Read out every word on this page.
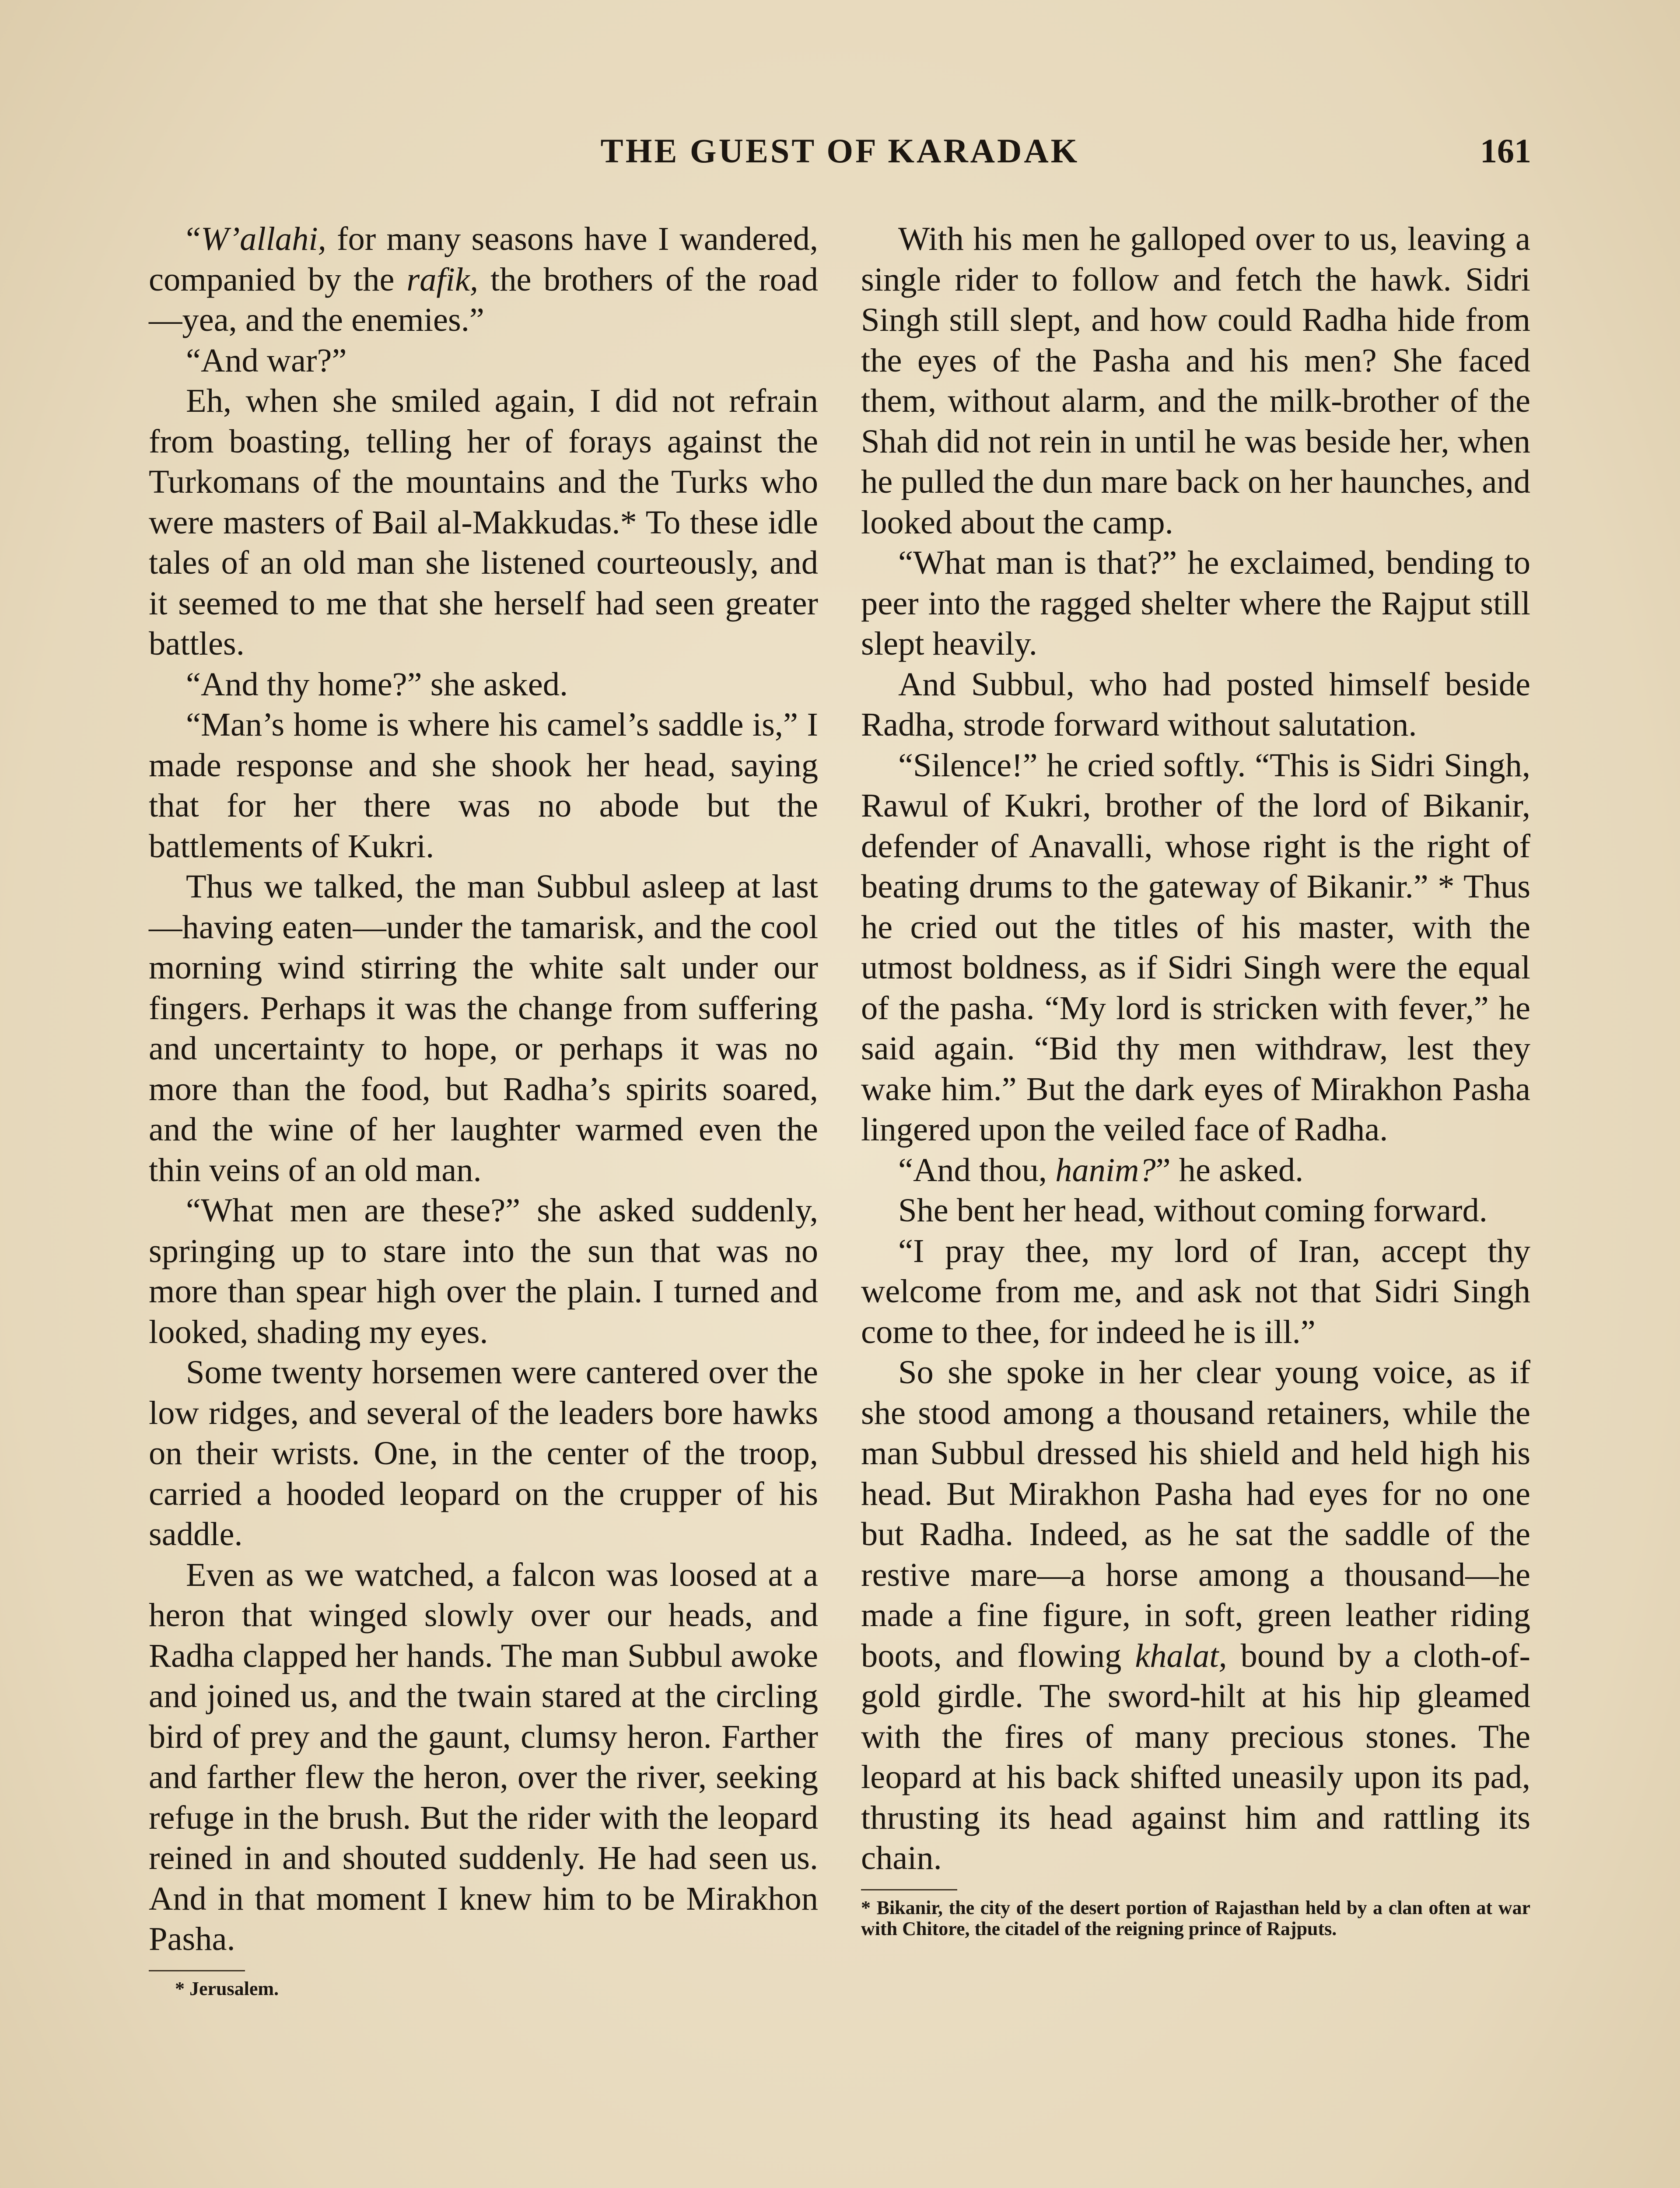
THE GUEST OF KARADAK	161

“W’allahi, for many seasons have I wandered, companied by the rafik, the brothers of the road—yea, and the enemies.”

“And war?”

Eh, when she smiled again, I did not refrain from boasting, telling her of forays against the Turkomans of the mountains and the Turks who were masters of Bail al-Makkudas.* To these idle tales of an old man she listened courteously, and it seemed to me that she herself had seen greater battles.

“And thy home?” she asked.

“Man’s home is where his camel’s saddle is,” I made response and she shook her head, saying that for her there was no abode but the battlements of Kukri.

Thus we talked, the man Subbul asleep at last—having eaten—under the tamarisk, and the cool morning wind stirring the white salt under our fingers. Perhaps it was the change from suffering and uncertainty to hope, or perhaps it was no more than the food, but Radha’s spirits soared, and the wine of her laughter warmed even the thin veins of an old man.

“What men are these?” she asked suddenly, springing up to stare into the sun that was no more than spear high over the plain. I turned and looked, shading my eyes.

Some twenty horsemen were cantered over the low ridges, and several of the leaders bore hawks on their wrists. One, in the center of the troop, carried a hooded leopard on the crupper of his saddle.

Even as we watched, a falcon was loosed at a heron that winged slowly over our heads, and Radha clapped her hands. The man Subbul awoke and joined us, and the twain stared at the circling bird of prey and the gaunt, clumsy heron. Farther and farther flew the heron, over the river, seeking refuge in the brush. But the rider with the leopard reined in and shouted suddenly. He had seen us. And in that moment I knew him to be Mirakhon Pasha.

* Jerusalem.

With his men he galloped over to us, leaving a single rider to follow and fetch the hawk. Sidri Singh still slept, and how could Radha hide from the eyes of the Pasha and his men? She faced them, without alarm, and the milk-brother of the Shah did not rein in until he was beside her, when he pulled the dun mare back on her haunches, and looked about the camp.

“What man is that?” he exclaimed, bending to peer into the ragged shelter where the Rajput still slept heavily.

And Subbul, who had posted himself beside Radha, strode forward without salutation.

“Silence!” he cried softly. “This is Sidri Singh, Rawul of Kukri, brother of the lord of Bikanir, defender of Anavalli, whose right is the right of beating drums to the gateway of Bikanir.” * Thus he cried out the titles of his master, with the utmost boldness, as if Sidri Singh were the equal of the pasha. “My lord is stricken with fever,” he said again. “Bid thy men withdraw, lest they wake him.” But the dark eyes of Mirakhon Pasha lingered upon the veiled face of Radha.

“And thou, hanim?” he asked.

She bent her head, without coming forward.

“I pray thee, my lord of Iran, accept thy welcome from me, and ask not that Sidri Singh come to thee, for indeed he is ill.”

So she spoke in her clear young voice, as if she stood among a thousand retainers, while the man Subbul dressed his shield and held high his head. But Mirakhon Pasha had eyes for no one but Radha. Indeed, as he sat the saddle of the restive mare—a horse among a thousand—he made a fine figure, in soft, green leather riding boots, and flowing khalat, bound by a cloth-of-gold girdle. The sword-hilt at his hip gleamed with the fires of many precious stones. The leopard at his back shifted uneasily upon its pad, thrusting its head against him and rattling its chain.

* Bikanir, the city of the desert portion of Rajasthan held by a clan often at war with Chitore, the citadel of the reigning prince of Rajputs.
